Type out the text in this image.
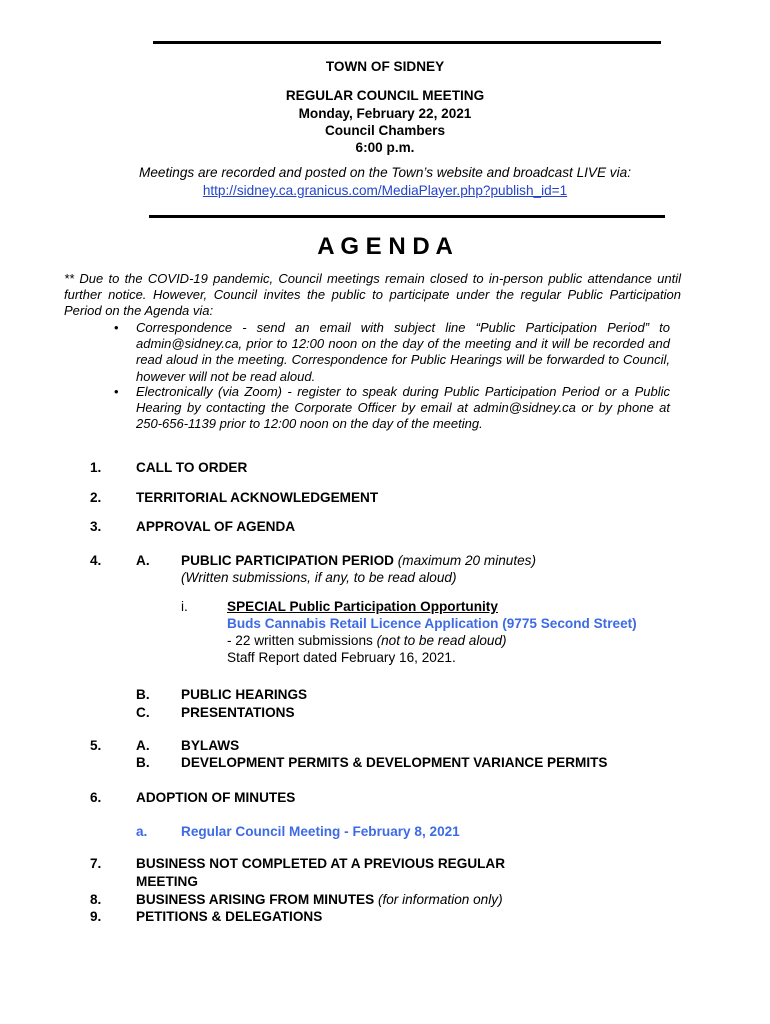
TOWN OF SIDNEY
REGULAR COUNCIL MEETING
Monday, February 22, 2021
Council Chambers
6:00 p.m.
Meetings are recorded and posted on the Town’s website and broadcast LIVE via:
http://sidney.ca.granicus.com/MediaPlayer.php?publish_id=1
A G E N D A
** Due to the COVID-19 pandemic, Council meetings remain closed to in-person public attendance until further notice. However, Council invites the public to participate under the regular Public Participation Period on the Agenda via:
• Correspondence - send an email with subject line “Public Participation Period” to admin@sidney.ca, prior to 12:00 noon on the day of the meeting and it will be recorded and read aloud in the meeting. Correspondence for Public Hearings will be forwarded to Council, however will not be read aloud.
• Electronically (via Zoom) - register to speak during Public Participation Period or a Public Hearing by contacting the Corporate Officer by email at admin@sidney.ca or by phone at 250-656-1139 prior to 12:00 noon on the day of the meeting.
1.	CALL TO ORDER
2.	TERRITORIAL ACKNOWLEDGEMENT
3.	APPROVAL OF AGENDA
4.	A. PUBLIC PARTICIPATION PERIOD (maximum 20 minutes)
(Written submissions, if any, to be read aloud)
i.	SPECIAL Public Participation Opportunity
Buds Cannabis Retail Licence Application (9775 Second Street)
- 22 written submissions (not to be read aloud)
Staff Report dated February 16, 2021.
B. PUBLIC HEARINGS
C. PRESENTATIONS
5.	A. BYLAWS
B. DEVELOPMENT PERMITS & DEVELOPMENT VARIANCE PERMITS
6.	ADOPTION OF MINUTES
a. Regular Council Meeting - February 8, 2021
7.	BUSINESS NOT COMPLETED AT A PREVIOUS REGULAR
MEETING
8.	BUSINESS ARISING FROM MINUTES (for information only)
9.	PETITIONS & DELEGATIONS
